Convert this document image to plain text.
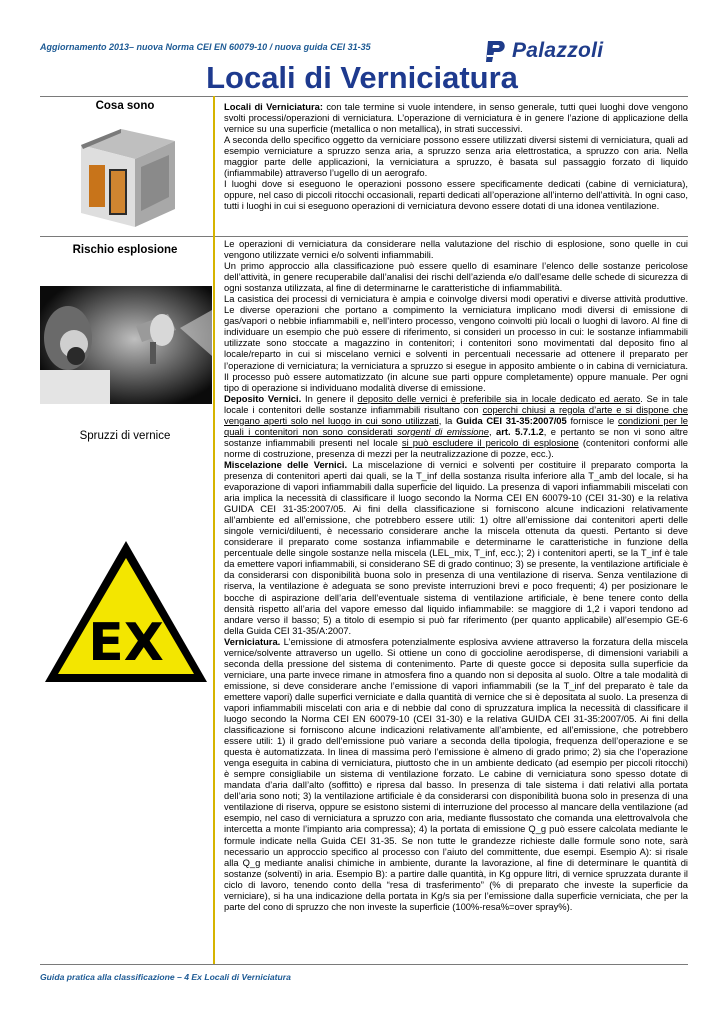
Aggiornamento 2013– nuova Norma CEI EN 60079-10 / nuova guida CEI 31-35	Palazzoli
Locali di Verniciatura
Cosa sono	Locali di Verniciatura: con tale termine si vuole intendere, in senso generale, tutti quei luoghi dove vengono svolti processi/operazioni di verniciatura. L’operazione di verniciatura è in genere l’azione di applicazione della vernice su una superficie (metallica o non metallica), in strati successivi.

A seconda dello specifico oggetto da verniciare possono essere utilizzati diversi sistemi di verniciatura, quali ad esempio verniciature a spruzzo senza aria, a spruzzo senza aria elettrostatica, a spruzzo con aria. Nella maggior parte delle applicazioni, la verniciatura a spruzzo, è basata sul passaggio forzato di liquido (infiammabile) attraverso l’ugello di un aerografo.

I luoghi dove si eseguono le operazioni possono essere specificamente dedicati (cabine di verniciatura), oppure, nel caso di piccoli ritocchi occasionali, reparti dedicati all’operazione all’interno dell’attività. In ogni caso, tutti i luoghi in cui si eseguono operazioni di verniciatura devono essere dotati di una idonea ventilazione.

Rischio esplosione
Spruzzi di vernice
EX

Le operazioni di verniciatura da considerare nella valutazione del rischio di esplosione, sono quelle in cui vengono utilizzate vernici e/o solventi infiammabili.

Un primo approccio alla classificazione può essere quello di esaminare l’elenco delle sostanze pericolose dell’attività, in genere recuperabile dall’analisi dei rischi dell’azienda e/o dall’esame delle schede di sicurezza di ogni sostanza utilizzata, al fine di determinarne le caratteristiche di infiammabilità.

La casistica dei processi di verniciatura è ampia e coinvolge diversi modi operativi e diverse attività produttive. Le diverse operazioni che portano a compimento la verniciatura implicano modi diversi di emissione di gas/vapori o nebbie infiammabili e, nell’intero processo, vengono coinvolti più locali o luoghi di lavoro. Al fine di individuare un esempio che può essere di riferimento, si consideri un processo in cui: le sostanze infiammabili utilizzate sono stoccate a magazzino in contenitori; i contenitori sono movimentati dal deposito fino al locale/reparto in cui si miscelano vernici e solventi in percentuali necessarie ad ottenere il preparato per l’operazione di verniciatura; la verniciatura a spruzzo si esegue in apposito ambiente o in cabina di verniciatura. Il processo può essere automatizzato (in alcune sue parti oppure completamente) oppure manuale. Per ogni tipo di operazione si individuano modalità diverse di emissione.

Deposito Vernici. In genere il deposito delle vernici è preferibile sia in locale dedicato ed aerato. Se in tale locale i contenitori delle sostanze infiammabili risultano con coperchi chiusi a regola d’arte e si dispone che vengano aperti solo nel luogo in cui sono utilizzati, la Guida CEI 31-35:2007/05 fornisce le condizioni per le quali i contenitori non sono considerati sorgenti di emissione, art. 5.7.1.2, e pertanto se non vi sono altre sostanze infiammabili presenti nel locale si può escludere il pericolo di esplosione (contenitori conformi alle norme di costruzione, presenza di mezzi per la neutralizzazione di pozze, ecc.).

Miscelazione delle Vernici. La miscelazione di vernici e solventi per costituire il preparato comporta la presenza di contenitori aperti dai quali, se la T_inf della sostanza risulta inferiore alla T_amb del locale, si ha evaporazione di vapori infiammabili dalla superficie del liquido. La presenza di vapori infiammabili miscelati con aria implica la necessità di classificare il luogo secondo la Norma CEI EN 60079-10 (CEI 31-30) e la relativa GUIDA CEI 31-35:2007/05. Ai fini della classificazione si forniscono alcune indicazioni relativamente all’ambiente ed all’emissione, che potrebbero essere utili: 1) oltre all’emissione dai contenitori aperti delle singole vernici/diluenti, è necessario considerare anche la miscela ottenuta da questi. Pertanto si deve considerare il preparato come sostanza infiammabile e determinarne le caratteristiche in funzione della percentuale delle singole sostanze nella miscela (LEL_mix, T_inf, ecc.); 2) i contenitori aperti, se la T_inf è tale da emettere vapori infiammabili, si considerano SE di grado continuo; 3) se presente, la ventilazione artificiale è da considerarsi con disponibilità buona solo in presenza di una ventilazione di riserva. Senza ventilazione di riserva, la ventilazione è adeguata se sono previste interruzioni brevi e poco frequenti; 4) per posizionare le bocche di aspirazione dell’aria dell’eventuale sistema di ventilazione artificiale, è bene tenere conto della densità rispetto all’aria del vapore emesso dal liquido infiammabile: se maggiore di 1,2 i vapori tendono ad andare verso il basso; 5) a titolo di esempio si può far riferimento (per quanto applicabile) all’esempio GE-6 della Guida CEI 31-35/A:2007.

Verniciatura. L’emissione di atmosfera potenzialmente esplosiva avviene attraverso la forzatura della miscela vernice/solvente attraverso un ugello. Si ottiene un cono di goccioline aerodisperse, di dimensioni variabili a seconda della pressione del sistema di contenimento. Parte di queste gocce si deposita sulla superficie da verniciare, una parte invece rimane in atmosfera fino a quando non si deposita al suolo. Oltre a tale modalità di emissione, si deve considerare anche l’emissione di vapori infiammabili (se la T_inf del preparato è tale da emettere vapori) dalle superfici verniciate e dalla quantità di vernice che si è depositata al suolo. La presenza di vapori infiammabili miscelati con aria e di nebbie dal cono di spruzzatura implica la necessità di classificare il luogo secondo la Norma CEI EN 60079-10 (CEI 31-30) e la relativa GUIDA CEI 31-35:2007/05. Ai fini della classificazione si forniscono alcune indicazioni relativamente all’ambiente, ed all’emissione, che potrebbero essere utili: 1) il grado dell’emissione può variare a seconda della tipologia, frequenza dell’operazione e se questa è automatizzata. In linea di massima però l’emissione è almeno di grado primo; 2) sia che l’operazione venga eseguita in cabina di verniciatura, piuttosto che in un ambiente dedicato (ad esempio per piccoli ritocchi) è sempre consigliabile un sistema di ventilazione forzato. Le cabine di verniciatura sono spesso dotate di mandata d’aria dall’alto (soffitto) e ripresa dal basso. In presenza di tale sistema i dati relativi alla portata dell’aria sono noti; 3) la ventilazione artificiale è da considerarsi con disponibilità buona solo in presenza di una ventilazione di riserva, oppure se esistono sistemi di interruzione del processo al mancare della ventilazione (ad esempio, nel caso di verniciatura a spruzzo con aria, mediante flussostato che comanda una elettrovalvola che intercetta a monte l’impianto aria compressa); 4) la portata di emissione Q_g può essere calcolata mediante le formule indicate nella Guida CEI 31-35. Se non tutte le grandezze richieste dalle formule sono note, sarà necessario un approccio specifico al processo con l’aiuto del committente, due esempi. Esempio A): si risale alla Q_g mediante analisi chimiche in ambiente, durante la lavorazione, al fine di determinare le quantità di sostanze (solventi) in aria. Esempio B): a partire dalle quantità, in Kg oppure litri, di vernice spruzzata durante il ciclo di lavoro, tenendo conto della “resa di trasferimento” (% di preparato che investe la superficie da verniciare), si ha una indicazione della portata in Kg/s sia per l’emissione dalla superficie verniciata, che per la parte del cono di spruzzo che non investe la superficie (100%-resa%=over spray%).

Guida pratica alla classificazione – 4 Ex Locali di Verniciatura
